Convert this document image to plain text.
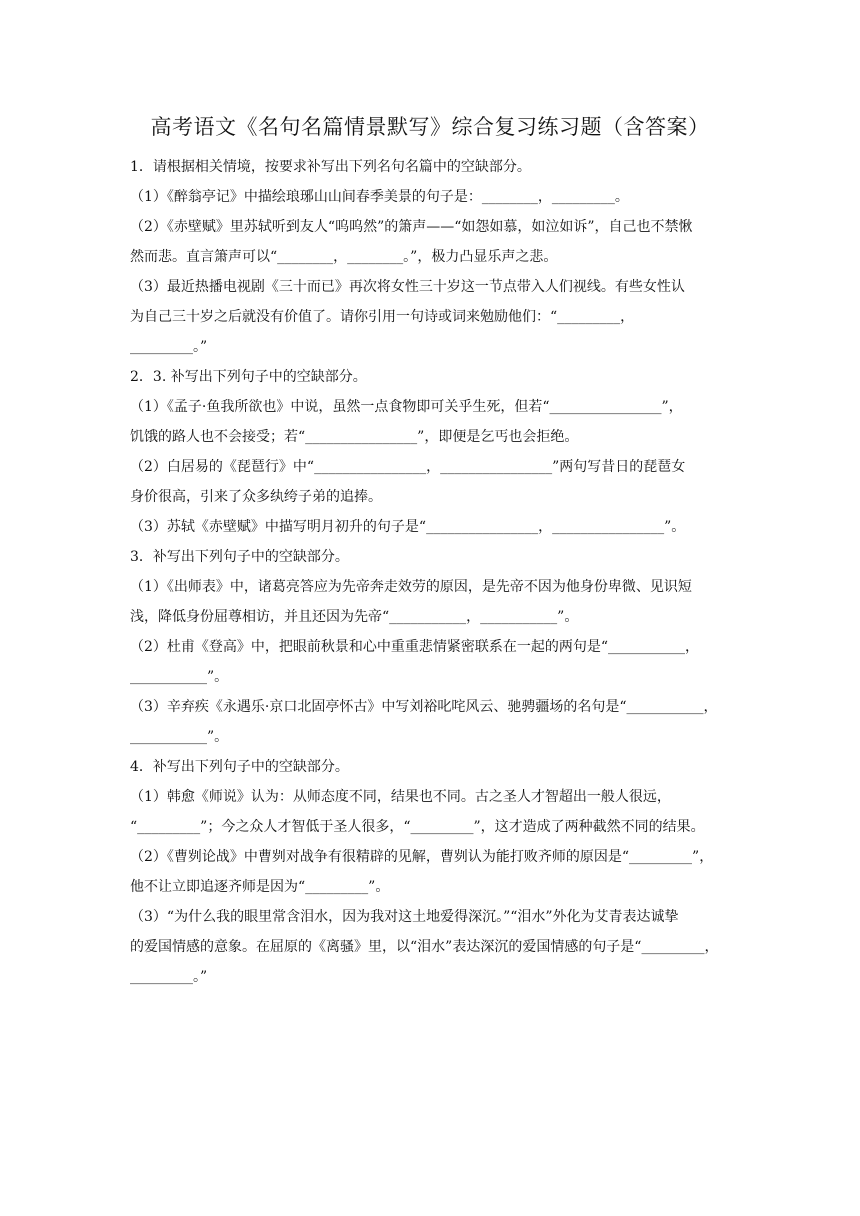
高考语文《名句名篇情景默写》综合复习练习题（含答案）
1．请根据相关情境，按要求补写出下列名句名篇中的空缺部分。
（1）《醉翁亭记》中描绘琅琊山山间春季美景的句子是：________，_________。
（2）《赤壁赋》里苏轼听到友人“呜呜然”的箫声——“如怨如慕，如泣如诉”，自己也不禁愀
然而悲。直言箫声可以“________，________。”，极力凸显乐声之悲。
（3）最近热播电视剧《三十而已》再次将女性三十岁这一节点带入人们视线。有些女性认
为自己三十岁之后就没有价值了。请你引用一句诗或词来勉励他们：“_________，
_________。”
2．3. 补写出下列句子中的空缺部分。
（1）《孟子·鱼我所欲也》中说，虽然一点食物即可关乎生死，但若“________________”，
饥饿的路人也不会接受；若“________________”，即便是乞丐也会拒绝。
（2）白居易的《琵琶行》中“________________，________________”两句写昔日的琵琶女
身价很高，引来了众多纨绔子弟的追捧。
（3）苏轼《赤壁赋》中描写明月初升的句子是“________________，________________”。
3．补写出下列句子中的空缺部分。
（1）《出师表》中，诸葛亮答应为先帝奔走效劳的原因，是先帝不因为他身份卑微、见识短
浅，降低身份屈尊相访，并且还因为先帝“___________，___________”。
（2）杜甫《登高》中，把眼前秋景和心中重重悲情紧密联系在一起的两句是“___________，
___________”。
（3）辛弃疾《永遇乐·京口北固亭怀古》中写刘裕叱咤风云、驰骋疆场的名句是“___________，
___________”。
4．补写出下列句子中的空缺部分。
（1）韩愈《师说》认为：从师态度不同，结果也不同。古之圣人才智超出一般人很远，
“_________”；今之众人才智低于圣人很多，“_________”，这才造成了两种截然不同的结果。
（2）《曹刿论战》中曹刿对战争有很精辟的见解，曹刿认为能打败齐师的原因是“_________”，
他不让立即追逐齐师是因为“_________”。
（3）“为什么我的眼里常含泪水，因为我对这土地爱得深沉。”“泪水”外化为艾青表达诚挚
的爱国情感的意象。在屈原的《离骚》里，以“泪水”表达深沉的爱国情感的句子是“_________，
_________。”
